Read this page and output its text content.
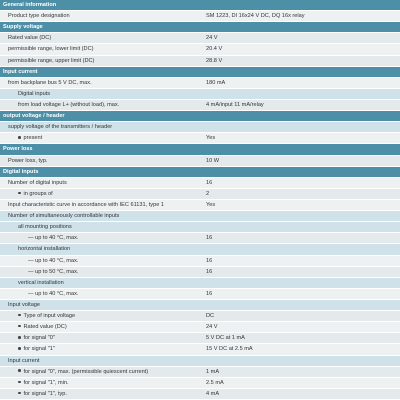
General information
Product type designation	SM 1223, DI 16x24 V DC, DQ 16x relay
Supply voltage
Rated value (DC)	24 V
permissible range, lower limit (DC)	20.4 V
permissible range, upper limit (DC)	28.8 V
Input current
from backplane bus 5 V DC, max.	180 mA
Digital inputs
from load voltage L+ (without load), max.	4 mA/input 11 mA/relay
output voltage / header
supply voltage of the transmitters / header
present	Yes
Power loss
Power loss, typ.	10 W
Digital inputs
Number of digital inputs	16
in groups of	2
Input characteristic curve in accordance with IEC 61131, type 1	Yes
Number of simultaneously controllable inputs
all mounting positions
— up to 40 °C, max.	16
horizontal installation
— up to 40 °C, max.	16
— up to 50 °C, max.	16
vertical installation
— up to 40 °C, max.	16
Input voltage
Type of input voltage	DC
Rated value (DC)	24 V
for signal "0"	5 V DC at 1 mA
for signal "1"	15 V DC at 2.5 mA
Input current
for signal "0", max. (permissible quiescent current)	1 mA
for signal "1", min.	2.5 mA
for signal "1", typ.	4 mA
